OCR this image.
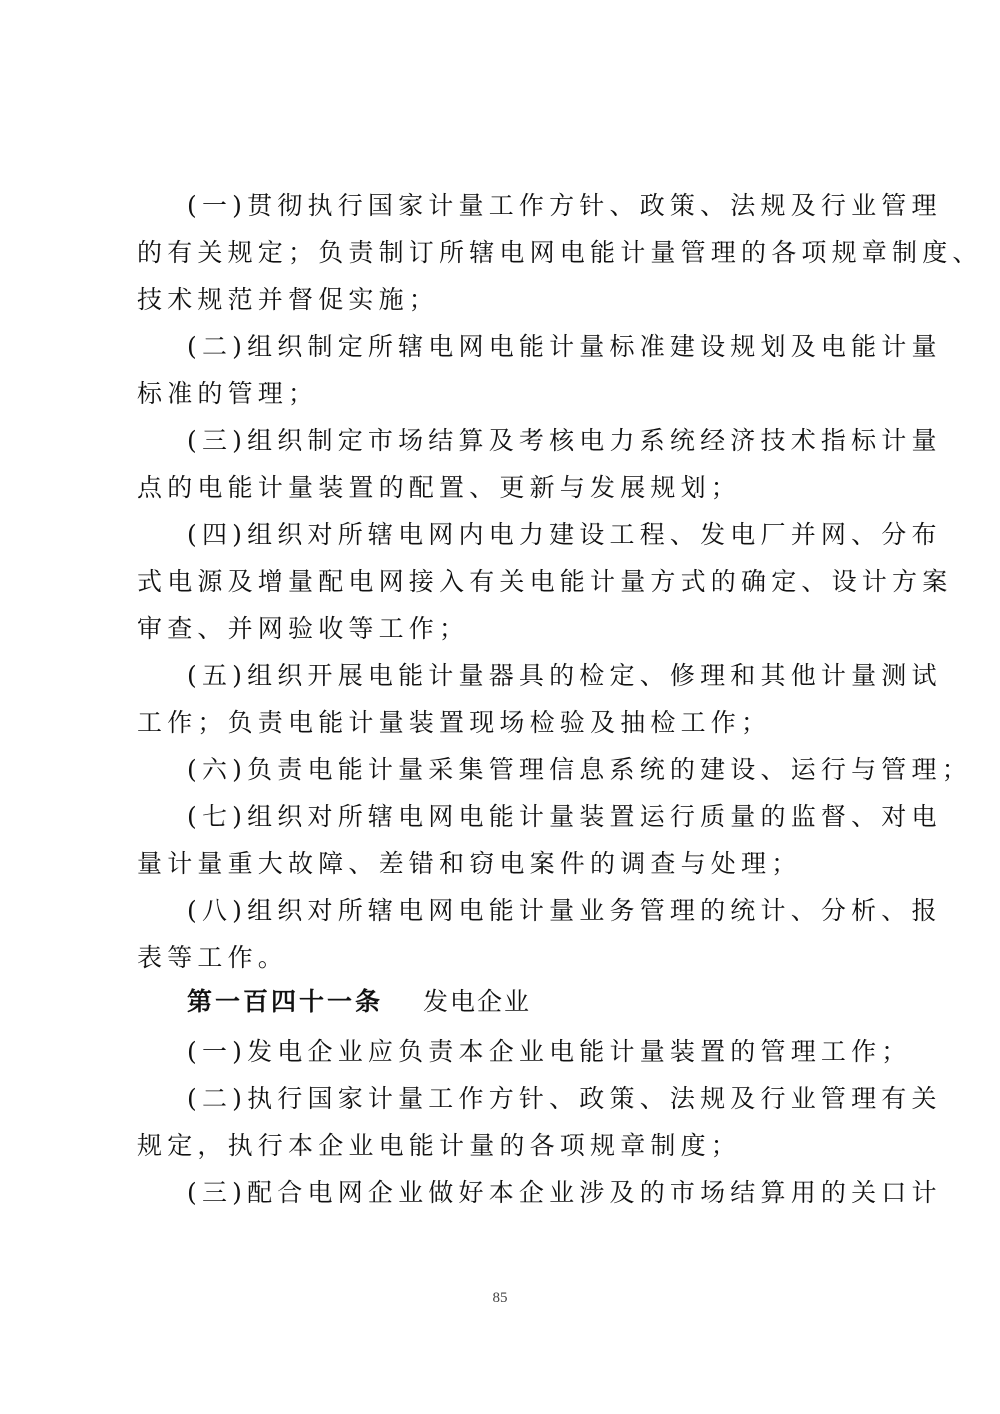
(一)贯彻执行国家计量工作方针、政策、法规及行业管理
的有关规定；负责制订所辖电网电能计量管理的各项规章制度、
技术规范并督促实施；
(二)组织制定所辖电网电能计量标准建设规划及电能计量
标准的管理；
(三)组织制定市场结算及考核电力系统经济技术指标计量
点的电能计量装置的配置、更新与发展规划；
(四)组织对所辖电网内电力建设工程、发电厂并网、分布
式电源及增量配电网接入有关电能计量方式的确定、设计方案
审查、并网验收等工作；
(五)组织开展电能计量器具的检定、修理和其他计量测试
工作；负责电能计量装置现场检验及抽检工作；
(六)负责电能计量采集管理信息系统的建设、运行与管理；
(七)组织对所辖电网电能计量装置运行质量的监督、对电
量计量重大故障、差错和窃电案件的调查与处理；
(八)组织对所辖电网电能计量业务管理的统计、分析、报
表等工作。
第一百四十一条 发电企业
(一)发电企业应负责本企业电能计量装置的管理工作；
(二)执行国家计量工作方针、政策、法规及行业管理有关
规定，执行本企业电能计量的各项规章制度；
(三)配合电网企业做好本企业涉及的市场结算用的关口计
85
